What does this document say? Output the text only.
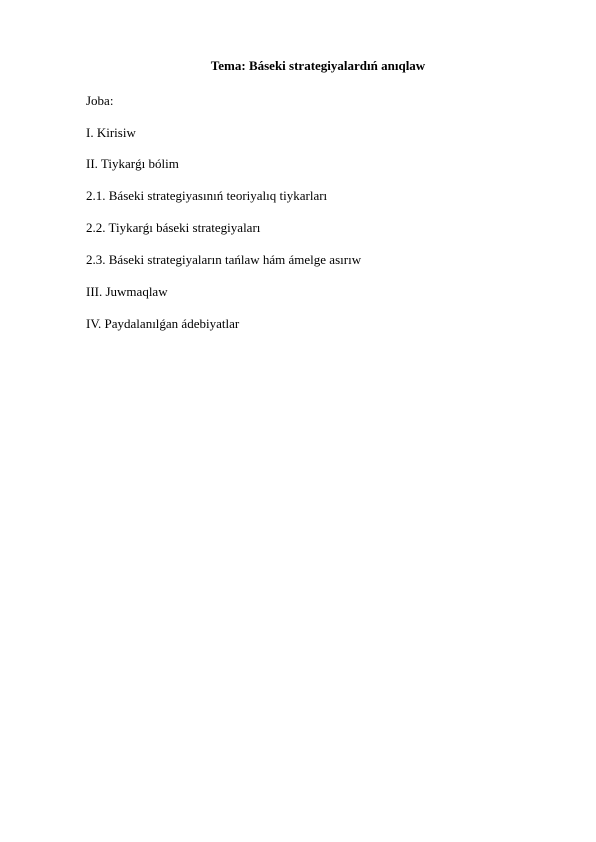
Tema: Báseki strategiyalardıń anıqlaw
Joba:
I. Kirisiw
II. Tiykarǵı bólim
2.1. Báseki strategiyasınıń teoriyalıq tiykarları
2.2. Tiykarǵı báseki strategiyaları
2.3. Báseki strategiyaların tańlaw hám ámelge asırıw
III. Juwmaqlaw
IV. Paydalanılǵan ádebiyatlar
